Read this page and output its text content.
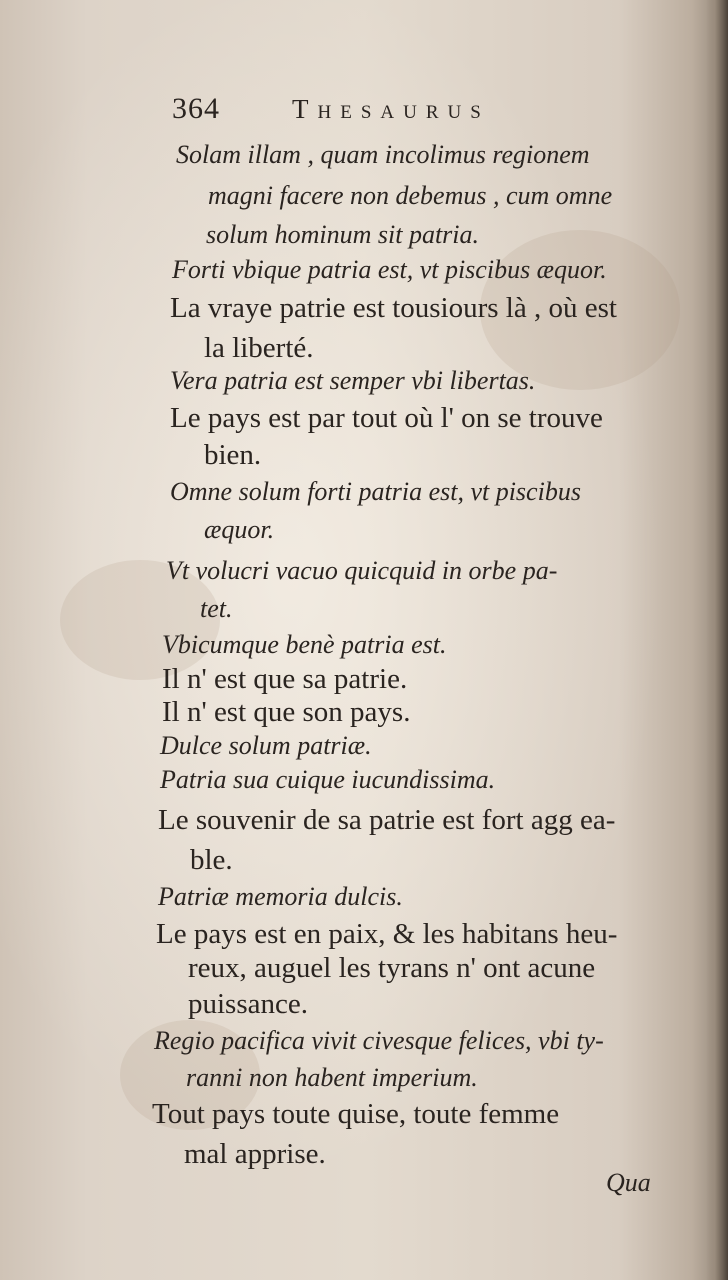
364	Thesaurus
Solam illam , quam incolimus regionem
magni facere non debemus , cum omne
solum hominum sit patria.
Forti vbique patria est, vt piscibus æquor.
La vraye patrie est tousiours là , où est
la liberté.
Vera patria est semper vbi libertas.
Le pays est par tout où l' on se trouve
bien.
Omne solum forti patria est, vt piscibus
æquor.
Vt volucri vacuo quicquid in orbe pa-
tet.
Vbicumque benè patria est.
Il n' est que sa patrie.
Il n' est que son pays.
Dulce solum patriæ.
Patria sua cuique iucundissima.
Le souvenir de sa patrie est fort agg ea-
ble.
Patriæ memoria dulcis.
Le pays est en paix, & les habitans heu-
reux, auguel les tyrans n' ont acune
puissance.
Regio pacifica vivit civesque felices, vbi ty-
ranni non habent imperium.
Tout pays toute quise, toute femme
mal apprise.
Qua
